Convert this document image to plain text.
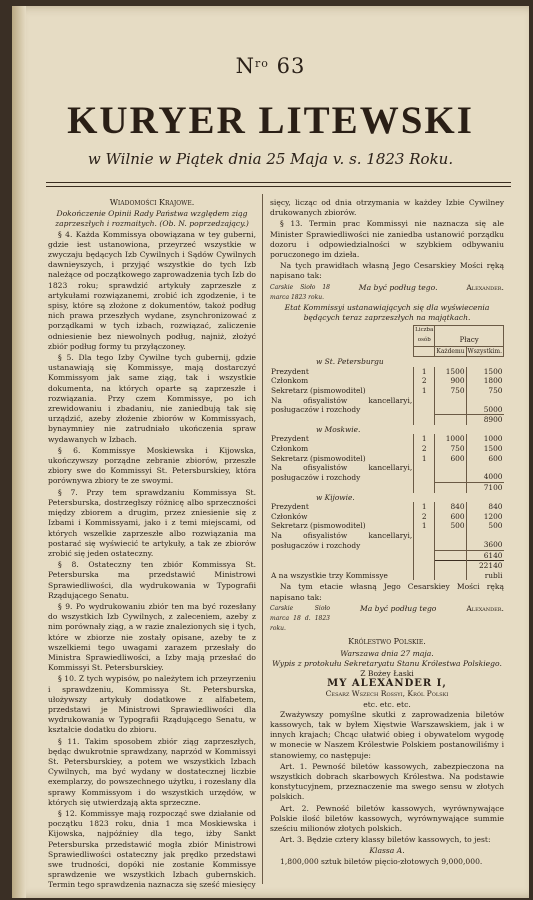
$N^{ro}$ 63
KURYER LITEWSKI
w Wilnie w Piątek dnia 25 Maja v. s. 1823 Roku.
Wiadomości Krajowe.
Dokończenie Opinii Rady Państwa względem ziąg zaprzeszłych i rozmaitych. (Ob. N. poprzedzający.)

§ 4. Każda Kommissya obowiązana w tey guberni, gdzie iest ustanowiona, przeyrzeć wszystkie w zwyczaju będących Izb Cywilnych i Sądów Cywilnych dawnieyszych, i przyjąć wszystkie do tych Izb należące od początkowego zaprowadzenia tych Izb do 1823 roku; sprawdzić artykuły zaprzeszłe z artykułami rozwiązanemi, zrobić ich zgodzenie, i te spisy, które są złożone z dokumentów, takoż podług nich prawa przeszłych wydane, zsynchronizować z porządkami w tych izbach, rozwiązać, zaliczenie odniesienie bez niewolnych podług, najniż, złożyć zbiór podług formy tu przyłączoney.

§ 5. Dla tego Izby Cywilne tych gubernij, gdzie ustanawiają się Kommissye, mają dostarczyć Kommissyom jak same ziąg, tak i wszystkie dokumenta, na których oparte są zaprzeszłe i rozwiązania. Przy czem Kommissye, po ich zrewidowaniu i zbadaniu, nie zaniedbują tak się urządzić, azeby złożenie zbiorów w Kommissyach, bynaymniey nie zatrudniało ukończenia spraw wydawanych w Izbach.

§ 6. Kommissye Moskiewska i Kijowska, ukończywszy porządne zebranie zbiorów, przeszłe zbiory swe do Kommissyi St. Petersburskiey, która porównywa zbiory te ze swoymi.

§ 7. Przy tem sprawdzaniu Kommissya St. Petersburska, dostrzegłszy różnicę albo sprzeczności między zbiorem a drugim, przez zniesienie się z Izbami i Kommissyami, jako i z temi miejscami, od których wszelkie zaprzeszłe albo rozwiązania ma postarać się wyświecić te artykuły, a tak ze zbiorów zrobić się jeden ostateczny.

§ 8. Ostateczny ten zbiór Kommissya St. Petersburska ma przedstawić Ministrowi Sprawiedliwości, dla wydrukowania w Typografii Rządującego Senatu.

§ 9. Po wydrukowaniu zbiór ten ma być rozesłany do wszystkich Izb Cywilnych, z zaleceniem, azeby z nim porównały ziąg, a w razie znalezionych się i tych, które w zbiorze nie zostały opisane, azeby te z wszelkiemi tego uwagami zarazem przesłały do Ministra Sprawiedliwości, a Izby mają przesłać do Kommissyi St. Petersburskiey.

§ 10. Z tych wypisów, po należytem ich przeyrzeniu i sprawdzeniu, Kommissya St. Petersburska, ułożywszy artykuły dodatkowe z alfabetem, przedstawi je Ministrowi Sprawiedliwości dla wydrukowania w Typografii Rządującego Senatu, w kształcie dodatku do zbioru.

§ 11. Takim sposobem zbiór ziąg zaprzeszłych, będąc dwukrotnie sprawdzany, naprzód w Kommissyi St. Petersburskiey, a potem we wszystkich Izbach Cywilnych, ma być wydany w dostatecznej liczbie exemplarzy, do powszechnego użytku, i rozesłany dla sprawy Kommissyom i do wszystkich urzędów, w których się utwierdzają akta sprzeczne.

§ 12. Kommissye mają rozpocząć swe działanie od początku 1823 roku, dnia 1 mca Moskiewska i Kijowska, najpóźniey dla tego, iżby Sankt Petersburska przedstawić mogła zbiór Ministrowi Sprawiedliwości ostateczny jak prędko przedstawi swe trudności, dopóki nie zostanie Kommissye sprawdzenie we wszystkich Izbach gubernskich. Termin tego sprawdzenia naznacza się sześć miesięcy

sięcy, licząc od dnia otrzymania w każdey Izbie Cywilney drukowanych zbiorów.

§ 13. Termin prac Kommissyi nie naznacza się ale Minister Sprawiedliwości nie zaniedba ustanowić porządku dozoru i odpowiedzialności w szybkiem odbywaniu poruczonego im dzieła.

Na tych prawidłach własną Jego Cesarskiey Mości ręką napisano tak:

Carskie Sioło 18 marca 1823 roku.
Ma być podług tego.	Alexander.

Etat Kommissyi ustanawiających się dla wyświecenia będących teraz zaprzeszłych na majątkach.

	Liczba osób	Płacy	
		Każdemu	Wszystkim.
w St. Petersburgu			
Prezydent	1	1500	1500
Członkom	2	900	1800
Sekretarz (pismowoditel)	1	750	750
Na ofisyalistów kancellaryi, posługaczów i rozchody			5000
			8900
w Moskwie.			
Prezydent	1	1000	1000
Członkom	2	750	1500
Sekretarz (pismowoditel)	1	600	600
Na ofisyalistów kancellaryi, posługaczów i rozchody			4000
			7100
w Kijowie.			
Prezydent	1	840	840
Członków	2	600	1200
Sekretarz (pismowoditel)	1	500	500
Na ofisyalistów kancellaryi, posługaczów i rozchody			3600
			6140
A na wszystkie trzy Kommissye			22140
rubli

Na tym etacie własną Jego Cesarskiey Mości ręką napisano tak:

Carskie Sioło marca 18 d. 1823 roku.
Ma być podług tego	Alexander.
Królestwo Polskie.
Warszawa dnia 27 maja.
Wypis z protokułu Sekretaryatu Stanu Królestwa Polskiego.
Z Bożey Łaski
MY ALEXANDER I,
Cesarz Wszech Rossyi, Król Polski
etc. etc. etc.

Zważywszy pomyślne skutki z zaprowadzenia biletów kassowych, tak w byłem Xięstwie Warszawskiem, jak i w innych krajach; Chcąc ułatwić obieg i obywatelom wygodę w monecie w Naszem Królestwie Polskiem postanowiliśmy i stanowiemy, co następuje:

Art. 1. Pewność biletów kassowych, zabezpieczona na wszystkich dobrach skarbowych Królestwa. Na podstawie konstytucyjnem, przeznaczenie ma swego sensu w złotych polskich.

Art. 2. Pewność biletów kassowych, wyrównywające Polskie ilość biletów kassowych, wyrównywające summie sześciu milionów złotych polskich.

Art. 3. Będzie cztery klassy biletów kassowych, to jest:

Klassa A.

1,800,000 sztuk biletów pięcio-złotowych 9,000,000.
